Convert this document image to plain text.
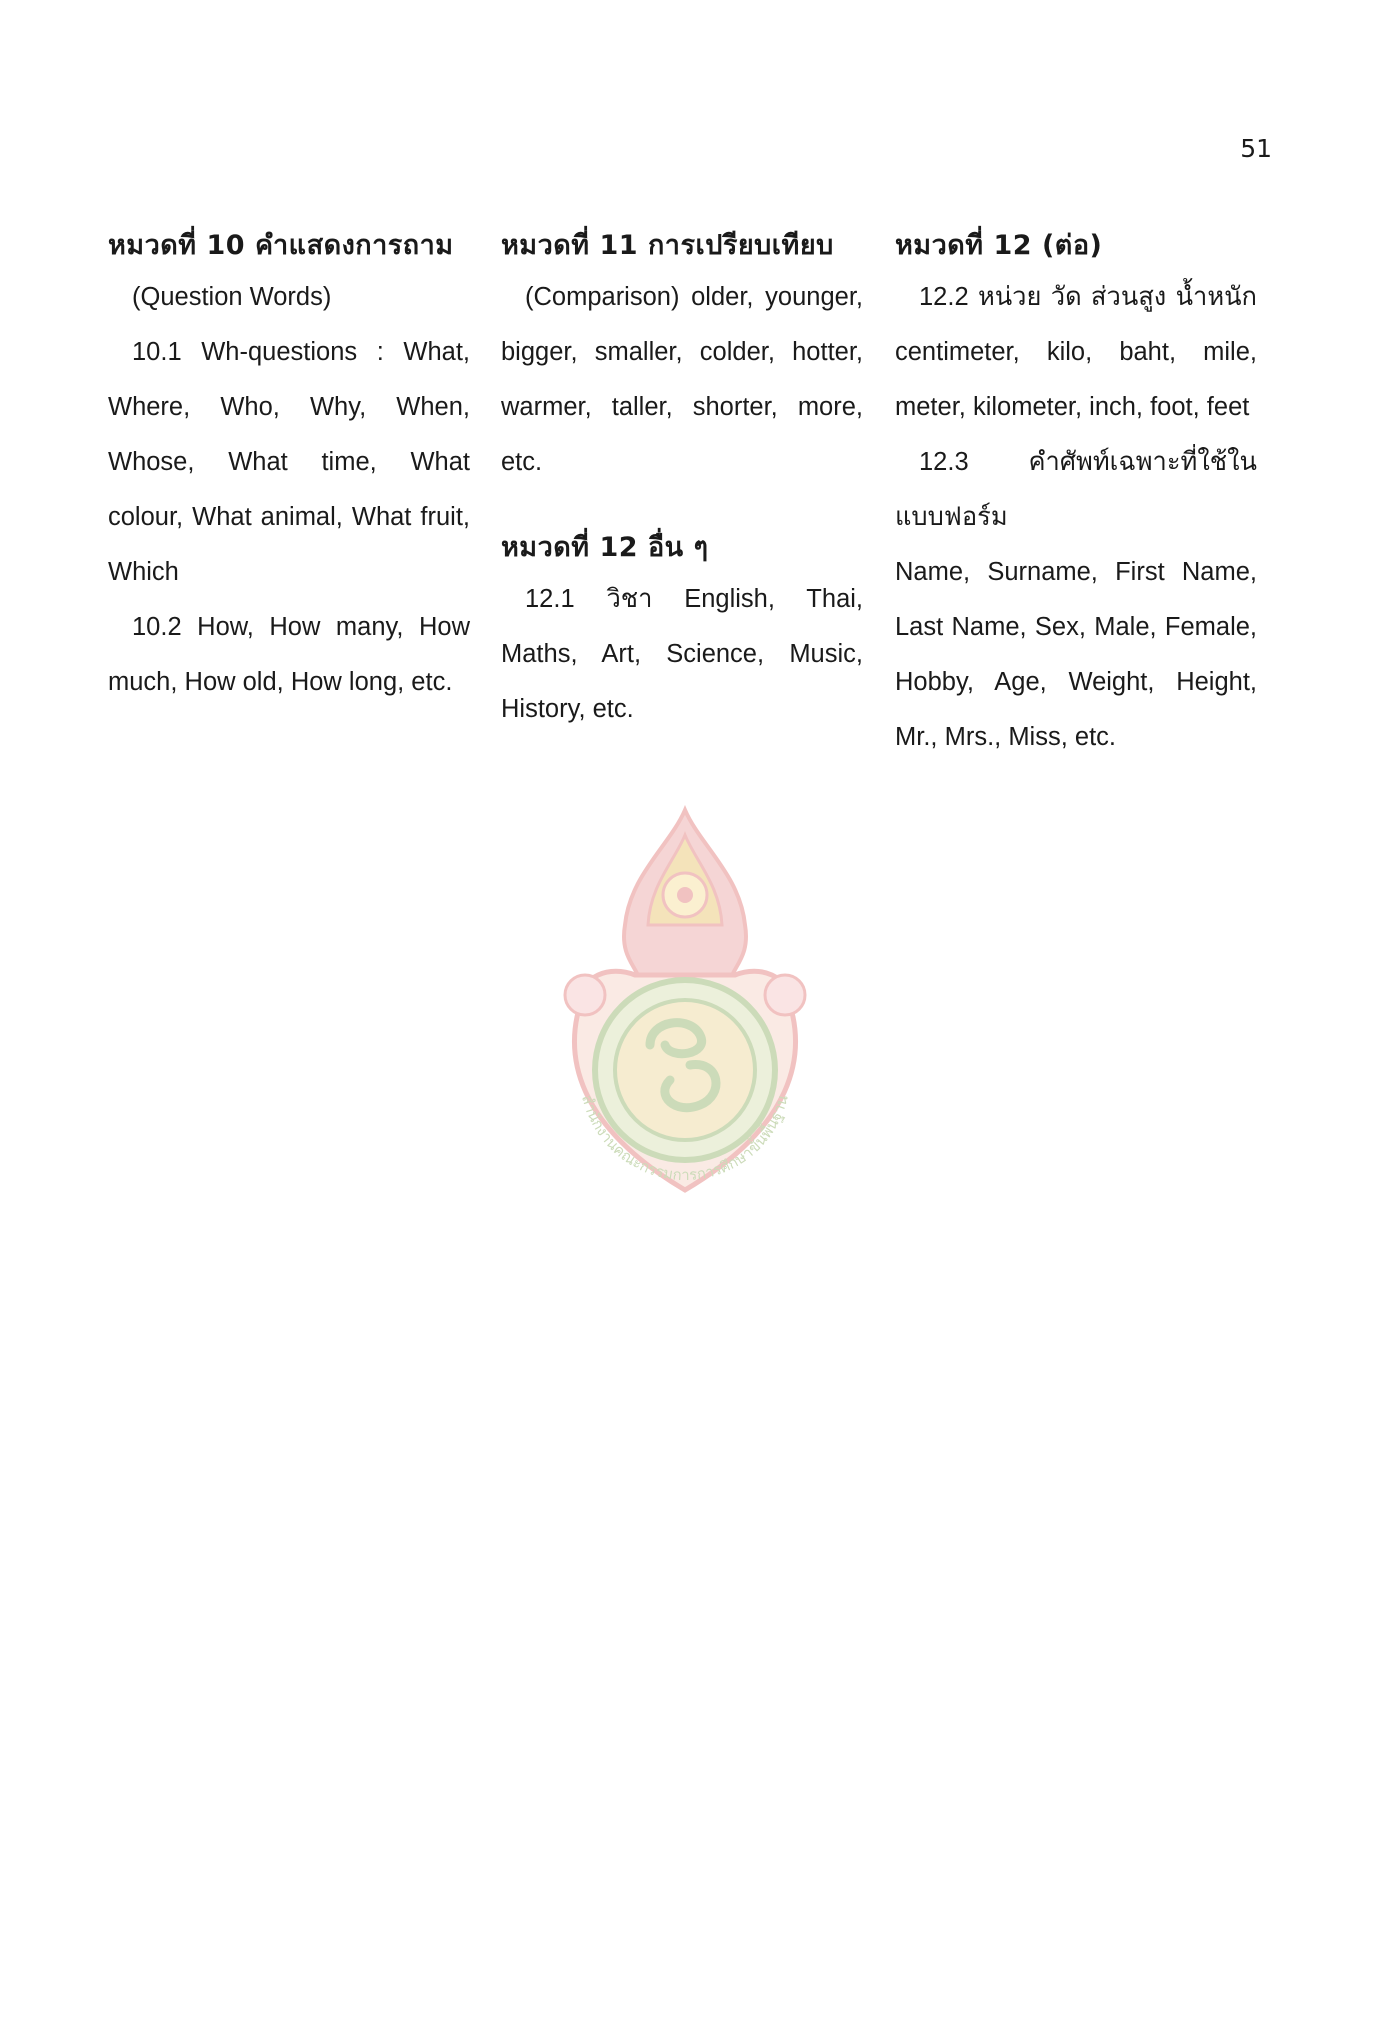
51
หมวดที่ 10 คำแสดงการถาม

(Question Words)

10.1 Wh-questions : What, Where, Who, Why, When, Whose, What time, What colour, What animal, What fruit, Which

10.2 How, How many, How much, How old, How long, etc.

หมวดที่ 11 การเปรียบเทียบ

(Comparison) older, younger, bigger, smaller, colder, hotter, warmer, taller, shorter, more, etc.

หมวดที่ 12 อื่น ๆ

12.1 วิชา English, Thai, Maths, Art, Science, Music, History, etc.

หมวดที่ 12 (ต่อ)

12.2 หน่วย วัด ส่วนสูง น้ำหนัก centimeter, kilo, baht, mile, meter, kilometer, inch, foot, feet

12.3 คำศัพท์เฉพาะที่ใช้ใน แบบฟอร์ม

Name, Surname, First Name, Last Name, Sex, Male, Female, Hobby, Age, Weight, Height, Mr., Mrs., Miss, etc.

สำนักงานคณะกรรมการการศึกษาขั้นพื้นฐาน
